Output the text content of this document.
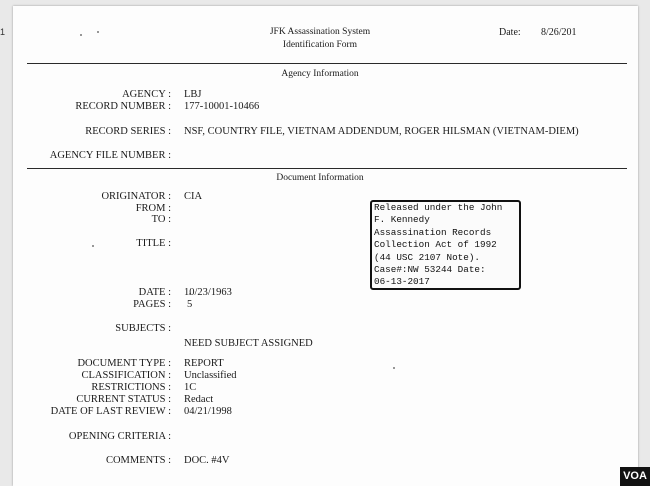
1	JFK Assassination System
Identification Form
Date: 8/26/201
Agency Information
AGENCY : LBJ
RECORD NUMBER : 177-10001-10466
RECORD SERIES : NSF, COUNTRY FILE, VIETNAM ADDENDUM, ROGER HILSMAN (VIETNAM-DIEM)
AGENCY FILE NUMBER :
Document Information
ORIGINATOR : CIA
FROM :
TO :
TITLE :
DATE : 10/23/1963
PAGES : 5
SUBJECTS :
NEED SUBJECT ASSIGNED
DOCUMENT TYPE : REPORT
CLASSIFICATION : Unclassified
RESTRICTIONS : 1C
CURRENT STATUS : Redact
DATE OF LAST REVIEW : 04/21/1998
OPENING CRITERIA :
COMMENTS : DOC. #4V
Released under the John
F. Kennedy
Assassination Records
Collection Act of 1992
(44 USC 2107 Note).
Case#:NW 53244 Date:
06-13-2017
VOA
